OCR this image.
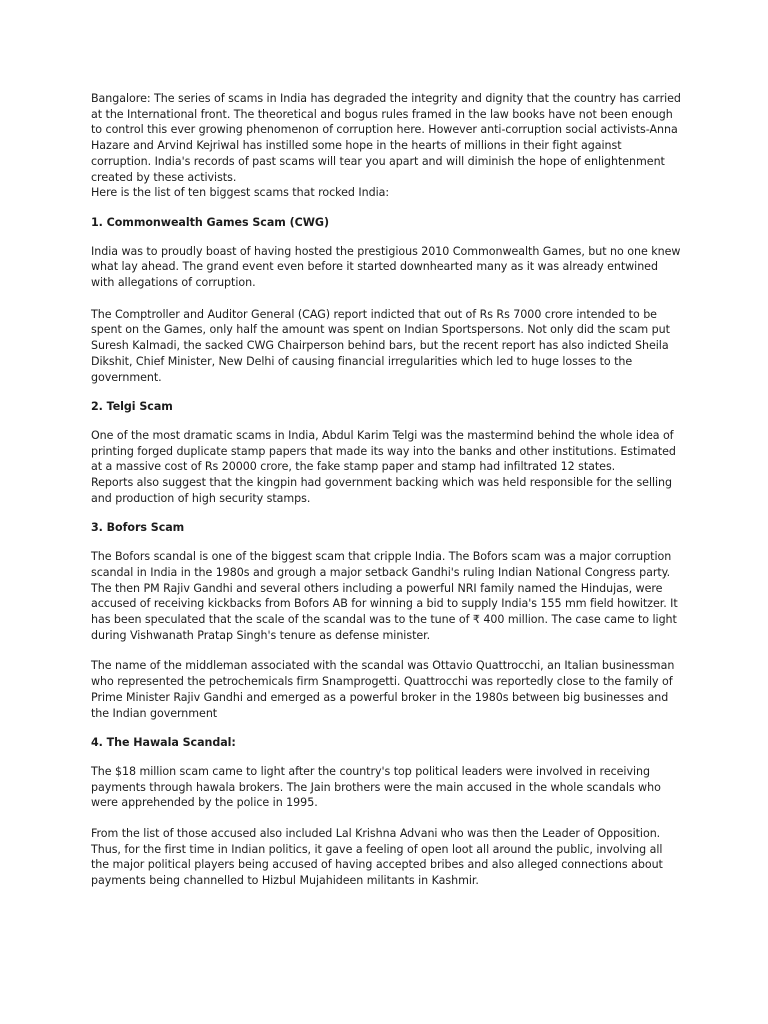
Bangalore: The series of scams in India has degraded the integrity and dignity that the country has carried at the International front. The theoretical and bogus rules framed in the law books have not been enough to control this ever growing phenomenon of corruption here. However anti-corruption social activists-Anna Hazare and Arvind Kejriwal has instilled some hope in the hearts of millions in their fight against corruption. India's records of past scams will tear you apart and will diminish the hope of enlightenment created by these activists.

Here is the list of ten biggest scams that rocked India:

1. Commonwealth Games Scam (CWG)

India was to proudly boast of having hosted the prestigious 2010 Commonwealth Games, but no one knew what lay ahead. The grand event even before it started downhearted many as it was already entwined with allegations of corruption.

The Comptroller and Auditor General (CAG) report indicted that out of Rs Rs 7000 crore intended to be spent on the Games, only half the amount was spent on Indian Sportspersons. Not only did the scam put Suresh Kalmadi, the sacked CWG Chairperson behind bars, but the recent report has also indicted Sheila Dikshit, Chief Minister, New Delhi of causing financial irregularities which led to huge losses to the government.

2. Telgi Scam

One of the most dramatic scams in India, Abdul Karim Telgi was the mastermind behind the whole idea of printing forged duplicate stamp papers that made its way into the banks and other institutions. Estimated at a massive cost of Rs 20000 crore, the fake stamp paper and stamp had infiltrated 12 states.

Reports also suggest that the kingpin had government backing which was held responsible for the selling and production of high security stamps.

3. Bofors Scam

The Bofors scandal is one of the biggest scam that cripple India. The Bofors scam was a major corruption scandal in India in the 1980s and grough a major setback Gandhi's ruling Indian National Congress party. The then PM Rajiv Gandhi and several others including a powerful NRI family named the Hindujas, were accused of receiving kickbacks from Bofors AB for winning a bid to supply India's 155 mm field howitzer. It has been speculated that the scale of the scandal was to the tune of ₹ 400 million. The case came to light during Vishwanath Pratap Singh's tenure as defense minister.

The name of the middleman associated with the scandal was Ottavio Quattrocchi, an Italian businessman who represented the petrochemicals firm Snamprogetti. Quattrocchi was reportedly close to the family of Prime Minister Rajiv Gandhi and emerged as a powerful broker in the 1980s between big businesses and the Indian government

4. The Hawala Scandal:

The $18 million scam came to light after the country's top political leaders were involved in receiving payments through hawala brokers. The Jain brothers were the main accused in the whole scandals who were apprehended by the police in 1995.

From the list of those accused also included Lal Krishna Advani who was then the Leader of Opposition. Thus, for the first time in Indian politics, it gave a feeling of open loot all around the public, involving all the major political players being accused of having accepted bribes and also alleged connections about payments being channelled to Hizbul Mujahideen militants in Kashmir.
